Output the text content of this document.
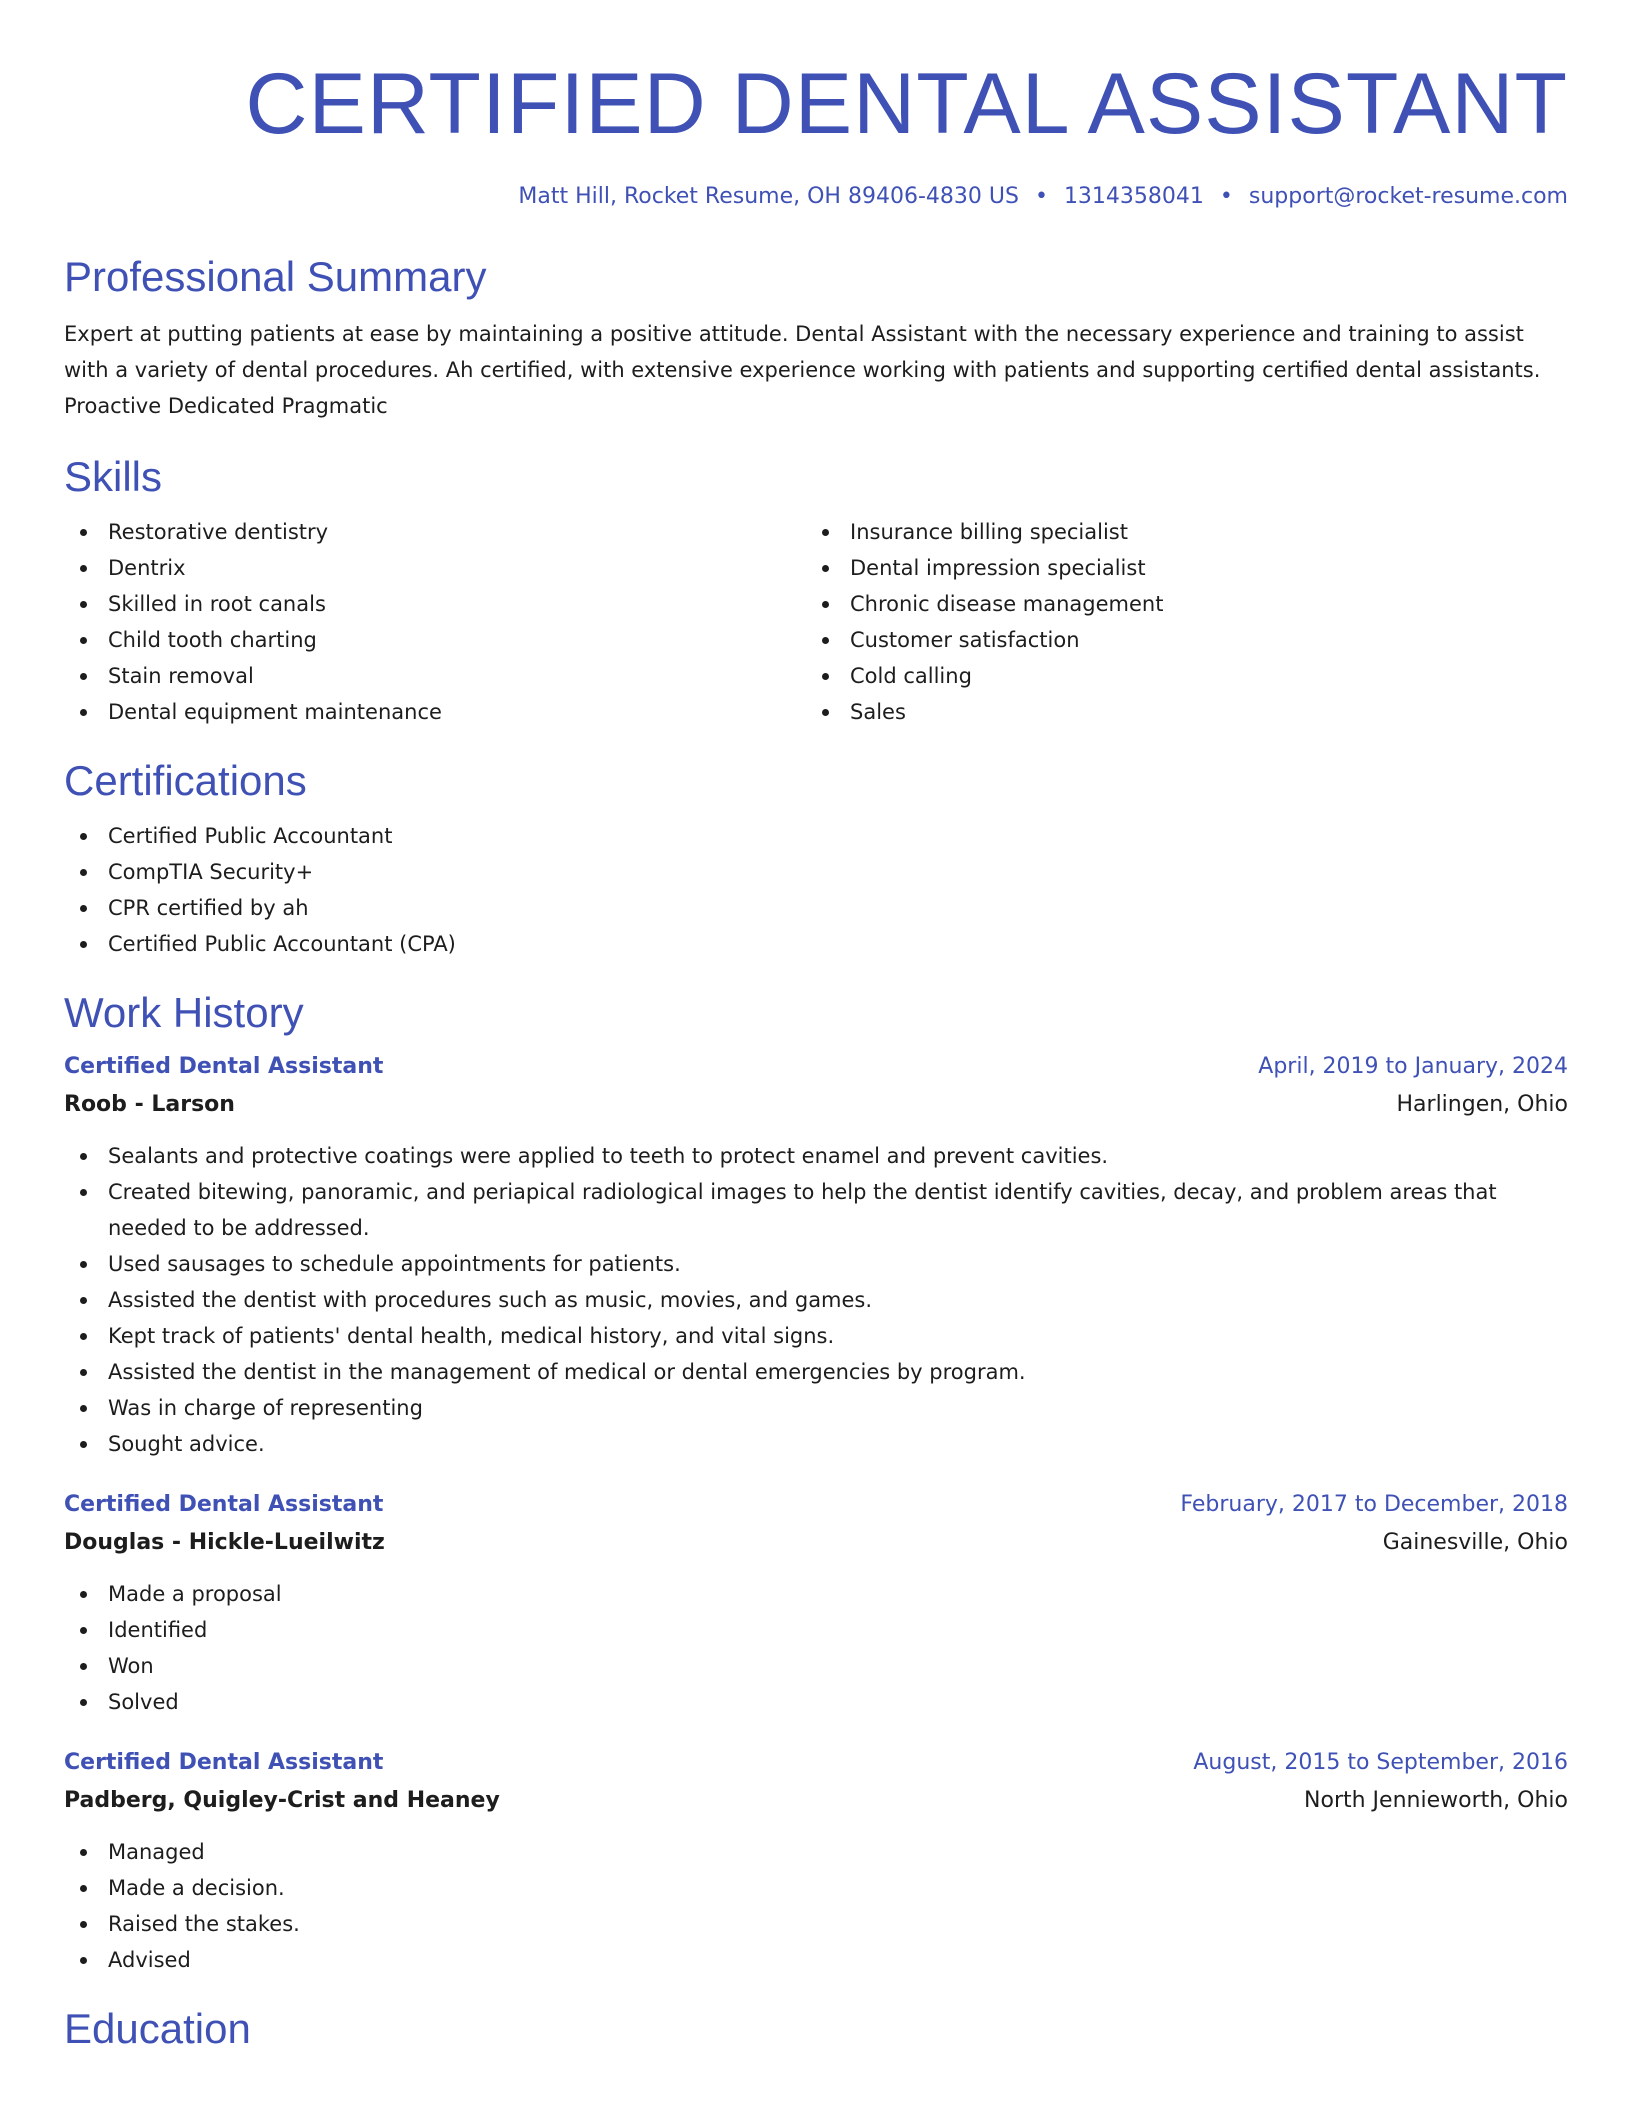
CERTIFIED DENTAL ASSISTANT
Matt Hill, Rocket Resume, OH 89406-4830 US • 1314358041 • support@rocket-resume.com
Professional Summary
Expert at putting patients at ease by maintaining a positive attitude. Dental Assistant with the necessary experience and training to assist with a variety of dental procedures. Ah certified, with extensive experience working with patients and supporting certified dental assistants. Proactive Dedicated Pragmatic
Skills
Restorative dentistry
Dentrix
Skilled in root canals
Child tooth charting
Stain removal
Dental equipment maintenance
Insurance billing specialist
Dental impression specialist
Chronic disease management
Customer satisfaction
Cold calling
Sales
Certifications
Certified Public Accountant
CompTIA Security+
CPR certified by ah
Certified Public Accountant (CPA)
Work History
Certified Dental Assistant	April, 2019 to January, 2024
Roob - Larson	Harlingen, Ohio
Sealants and protective coatings were applied to teeth to protect enamel and prevent cavities.
Created bitewing, panoramic, and periapical radiological images to help the dentist identify cavities, decay, and problem areas that needed to be addressed.
Used sausages to schedule appointments for patients.
Assisted the dentist with procedures such as music, movies, and games.
Kept track of patients' dental health, medical history, and vital signs.
Assisted the dentist in the management of medical or dental emergencies by program.
Was in charge of representing
Sought advice.
Certified Dental Assistant	February, 2017 to December, 2018
Douglas - Hickle-Lueilwitz	Gainesville, Ohio
Made a proposal
Identified
Won
Solved
Certified Dental Assistant	August, 2015 to September, 2016
Padberg, Quigley-Crist and Heaney	North Jennieworth, Ohio
Managed
Made a decision.
Raised the stakes.
Advised
Education
